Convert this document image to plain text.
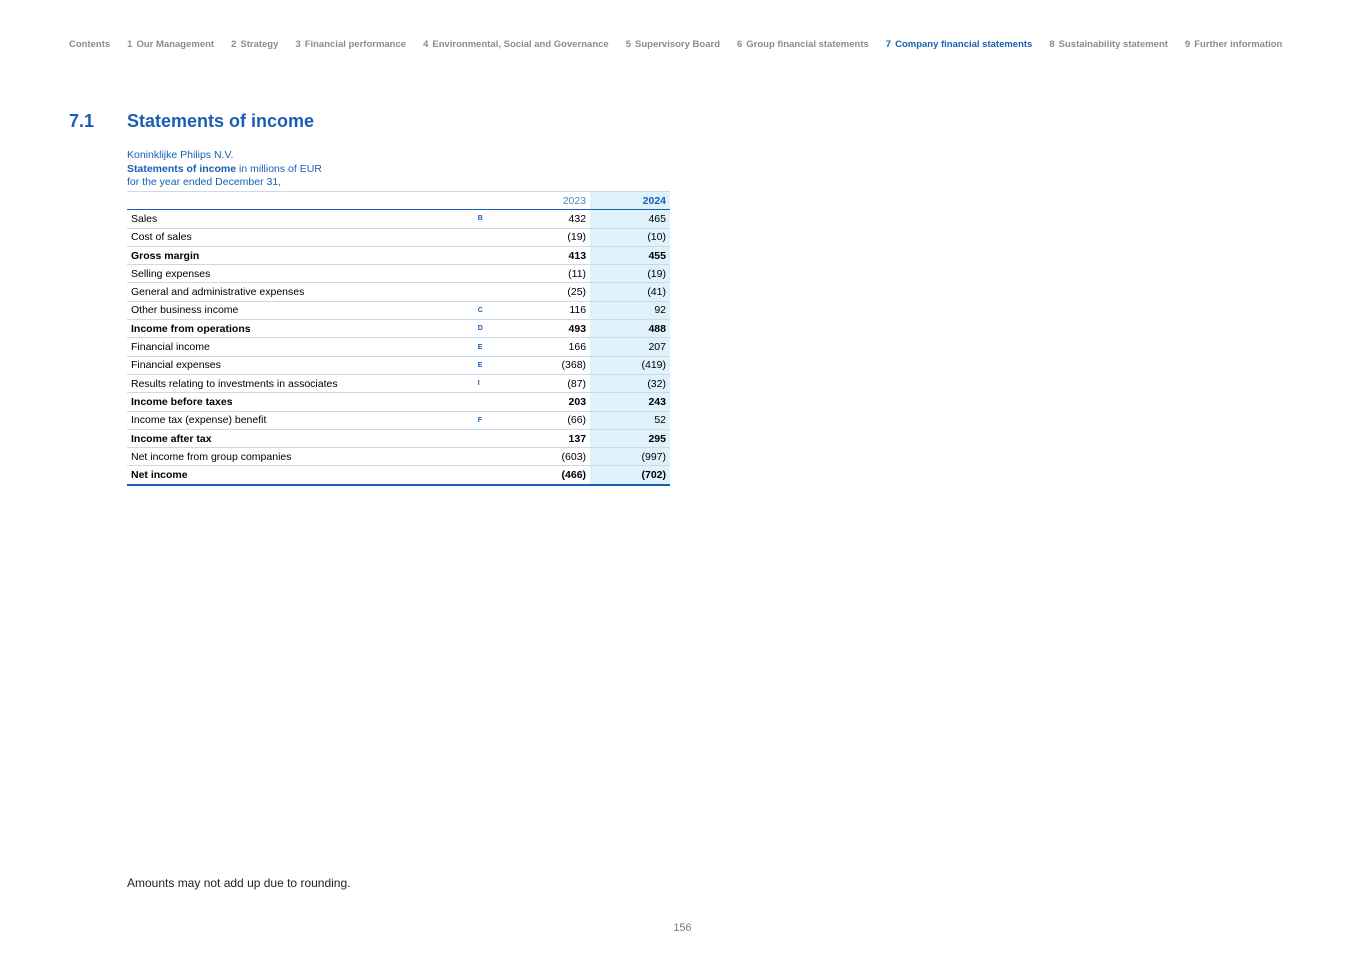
Contents 1 Our Management 2 Strategy 3 Financial performance 4 Environmental, Social and Governance 5 Supervisory Board 6 Group financial statements 7 Company financial statements 8 Sustainability statement 9 Further information
7.1	Statements of income
Koninklijke Philips N.V.
Statements of income in millions of EUR
for the year ended December 31,
		2023	2024
Sales	B	432	465
Cost of sales		(19)	(10)
Gross margin		413	455
Selling expenses		(11)	(19)
General and administrative expenses		(25)	(41)
Other business income	C	116	92
Income from operations	D	493	488
Financial income	E	166	207
Financial expenses	E	(368)	(419)
Results relating to investments in associates	I	(87)	(32)
Income before taxes		203	243
Income tax (expense) benefit	F	(66)	52
Income after tax		137	295
Net income from group companies		(603)	(997)
Net income		(466)	(702)
Amounts may not add up due to rounding.
156
